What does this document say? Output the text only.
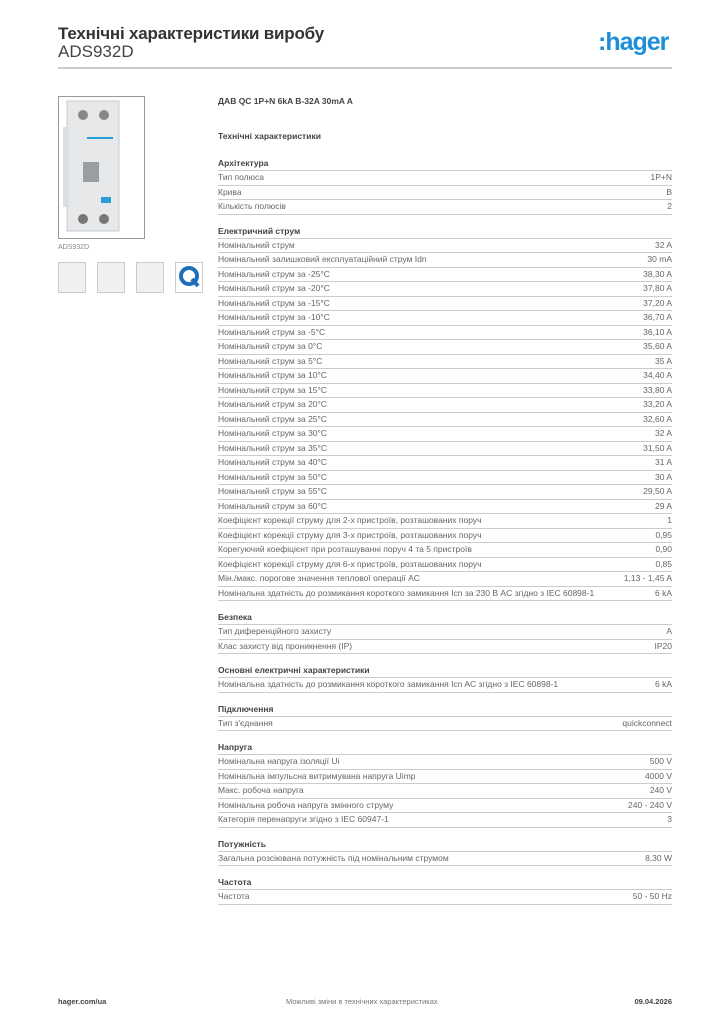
Технічні характеристики виробу
ADS932D	:hager
ADS932D
ДАВ QC 1P+N 6kA B-32A 30mA A
Технічні характеристики
Архітектура
Тип полюса	1P+N
Крива	B
Кількість полюсів	2
Електричний струм
Номінальний струм	32 A
Номінальний залишковий експлуатаційний струм Idn	30 mA
Номінальний струм за -25°C	38,30 A
Номінальний струм за -20°C	37,80 A
Номінальний струм за -15°C	37,20 A
Номінальний струм за -10°C	36,70 A
Номінальний струм за -5°C	36,10 A
Номінальний струм за 0°C	35,60 A
Номінальний струм за 5°C	35 A
Номінальний струм за 10°C	34,40 A
Номінальний струм за 15°C	33,80 A
Номінальний струм за 20°C	33,20 A
Номінальний струм за 25°C	32,60 A
Номінальний струм за 30°C	32 A
Номінальний струм за 35°C	31,50 A
Номінальний струм за 40°C	31 A
Номінальний струм за 50°C	30 A
Номінальний струм за 55°C	29,50 A
Номінальний струм за 60°C	29 A
Коефіцієнт корекції струму для 2-х пристроїв, розташованих поруч	1
Коефіцієнт корекції струму для 3-х пристроїв, розташованих поруч	0,95
Корегуючий коефіцієнт при розташуванні поруч 4 та 5 пристроїв	0,90
Коефіцієнт корекції струму для 6-х пристроїв, розташованих поруч	0,85
Мін./макс. порогове значення теплової операції AC	1,13 - 1,45 A
Номінальна здатність до розмикання короткого замикання Icn за 230 В AC згідно з IEC 60898-1	6 kA
Безпека
Тип диференційного захисту	A
Клас захисту від проникнення (IP)	IP20
Основні електричні характеристики
Номінальна здатність до розмикання короткого замикання Icn AC згідно з IEC 60898-1	6 kA
Підключення
Тип з'єднання	quickconnect
Напруга
Номінальна напруга ізоляції Ui	500 V
Номінальна імпульсна витримувана напруга Uimp	4000 V
Макс. робоча напруга	240 V
Номінальна робоча напруга змінного струму	240 - 240 V
Категорія перенапруги згідно з IEC 60947-1	3
Потужність
Загальна розсіювана потужність під номінальним струмом	8,30 W
Частота
Частота	50 - 50 Hz
hager.com/ua	Можливі зміни в технічних характеристиках	09.04.2026
